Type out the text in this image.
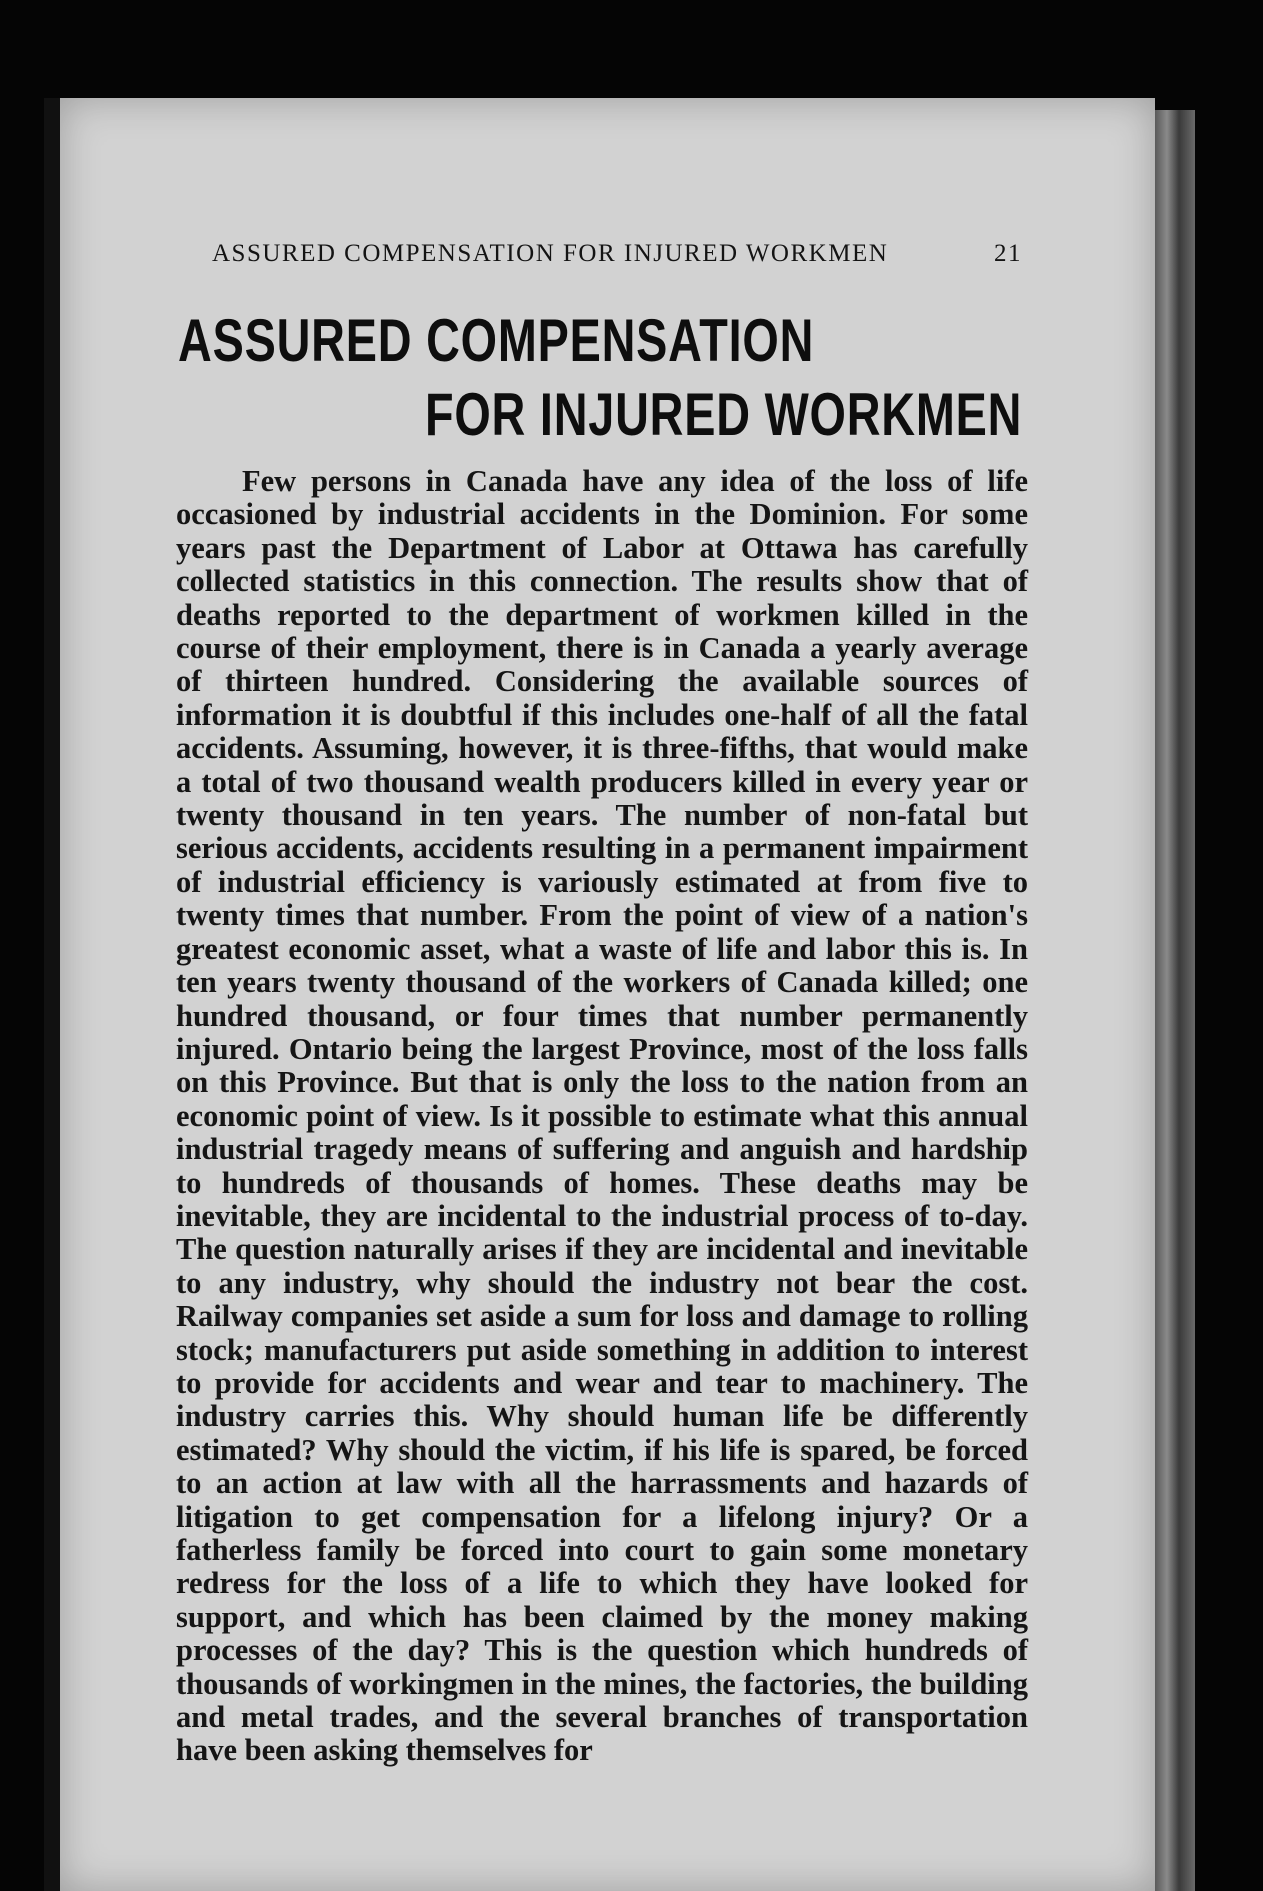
ASSURED COMPENSATION FOR INJURED WORKMEN	21
ASSURED COMPENSATION
FOR INJURED WORKMEN

Few persons in Canada have any idea of the loss of life occasioned by industrial accidents in the Dominion. For some years past the Department of Labor at Ottawa has carefully collected statistics in this connection. The results show that of deaths reported to the department of workmen killed in the course of their employment, there is in Canada a yearly average of thirteen hundred. Considering the available sources of information it is doubtful if this includes one-half of all the fatal accidents. Assuming, however, it is three-fifths, that would make a total of two thousand wealth producers killed in every year or twenty thousand in ten years. The number of non-fatal but serious accidents, accidents resulting in a permanent impairment of industrial efficiency is variously estimated at from five to twenty times that number. From the point of view of a nation's greatest economic asset, what a waste of life and labor this is. In ten years twenty thousand of the workers of Canada killed; one hundred thousand, or four times that number permanently injured. Ontario being the largest Province, most of the loss falls on this Province. But that is only the loss to the nation from an economic point of view. Is it possible to estimate what this annual industrial tragedy means of suffering and anguish and hardship to hundreds of thousands of homes. These deaths may be inevitable, they are incidental to the industrial process of to-day. The question naturally arises if they are incidental and inevitable to any industry, why should the industry not bear the cost. Railway companies set aside a sum for loss and damage to rolling stock; manufacturers put aside something in addition to interest to provide for accidents and wear and tear to machinery. The industry carries this. Why should human life be differently estimated? Why should the victim, if his life is spared, be forced to an action at law with all the harrassments and hazards of litigation to get compensation for a lifelong injury? Or a fatherless family be forced into court to gain some monetary redress for the loss of a life to which they have looked for support, and which has been claimed by the money making processes of the day? This is the question which hundreds of thousands of workingmen in the mines, the factories, the building and metal trades, and the several branches of transportation have been asking themselves for
